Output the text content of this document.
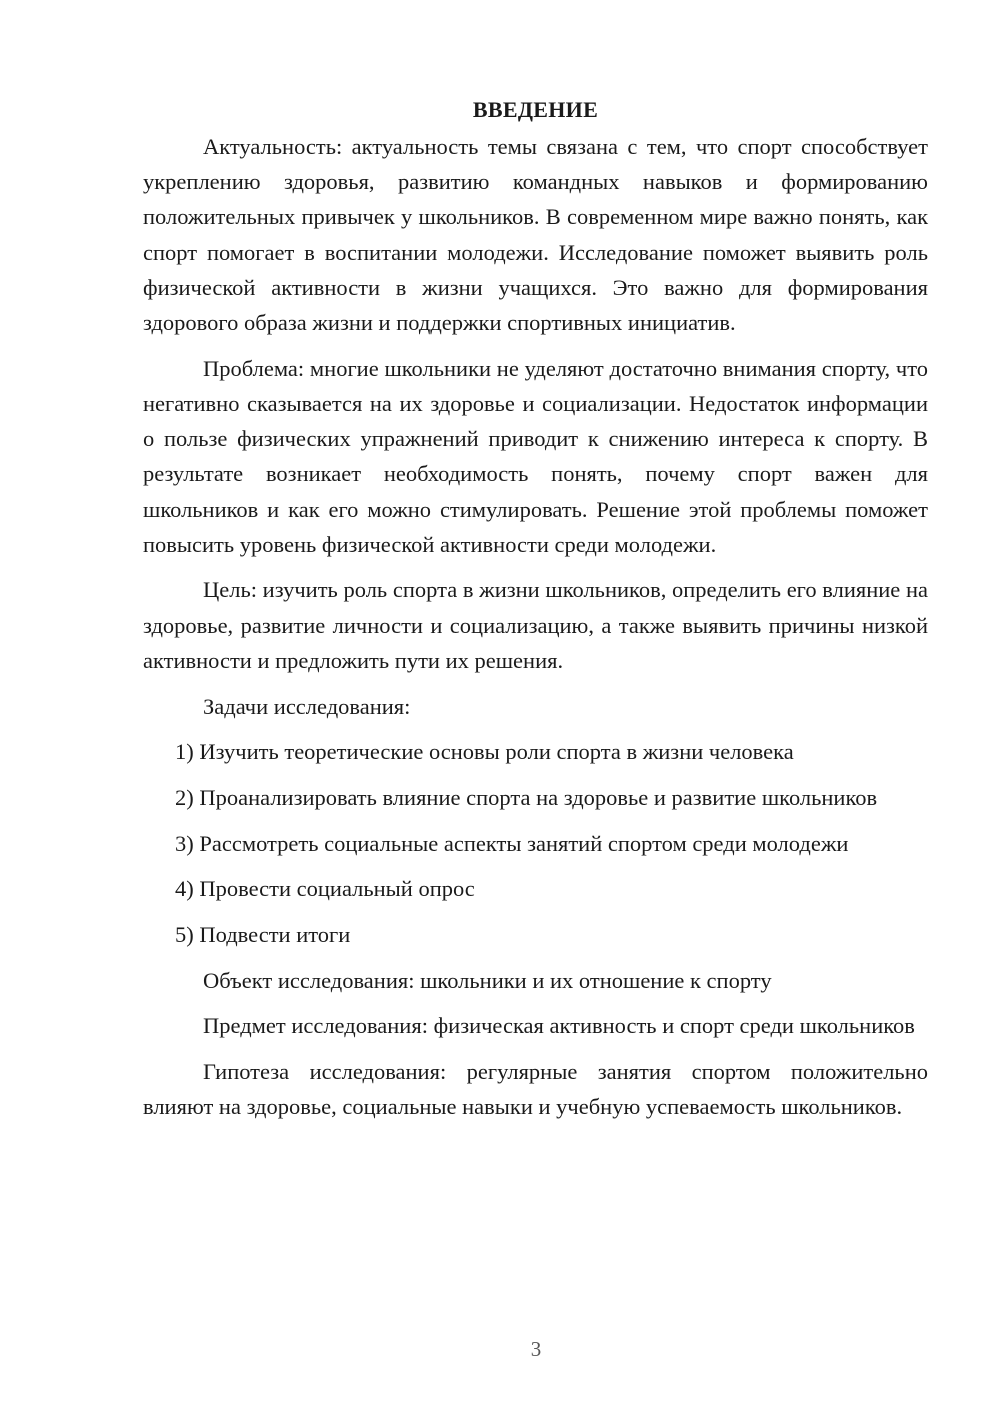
ВВЕДЕНИЕ

Актуальность: актуальность темы связана с тем, что спорт способствует укреплению здоровья, развитию командных навыков и формированию положительных привычек у школьников. В современном мире важно понять, как спорт помогает в воспитании молодежи. Исследование поможет выявить роль физической активности в жизни учащихся. Это важно для формирования здорового образа жизни и поддержки спортивных инициатив.

Проблема: многие школьники не уделяют достаточно внимания спорту, что негативно сказывается на их здоровье и социализации. Недостаток информации о пользе физических упражнений приводит к снижению интереса к спорту. В результате возникает необходимость понять, почему спорт важен для школьников и как его можно стимулировать. Решение этой проблемы поможет повысить уровень физической активности среди молодежи.

Цель: изучить роль спорта в жизни школьников, определить его влияние на здоровье, развитие личности и социализацию, а также выявить причины низкой активности и предложить пути их решения.

Задачи исследования:

1) Изучить теоретические основы роли спорта в жизни человека

2) Проанализировать влияние спорта на здоровье и развитие школьников

3) Рассмотреть социальные аспекты занятий спортом среди молодежи

4) Провести социальный опрос

5) Подвести итоги

Объект исследования: школьники и их отношение к спорту

Предмет исследования: физическая активность и спорт среди школьников

Гипотеза исследования: регулярные занятия спортом положительно влияют на здоровье, социальные навыки и учебную успеваемость школьников.

3
